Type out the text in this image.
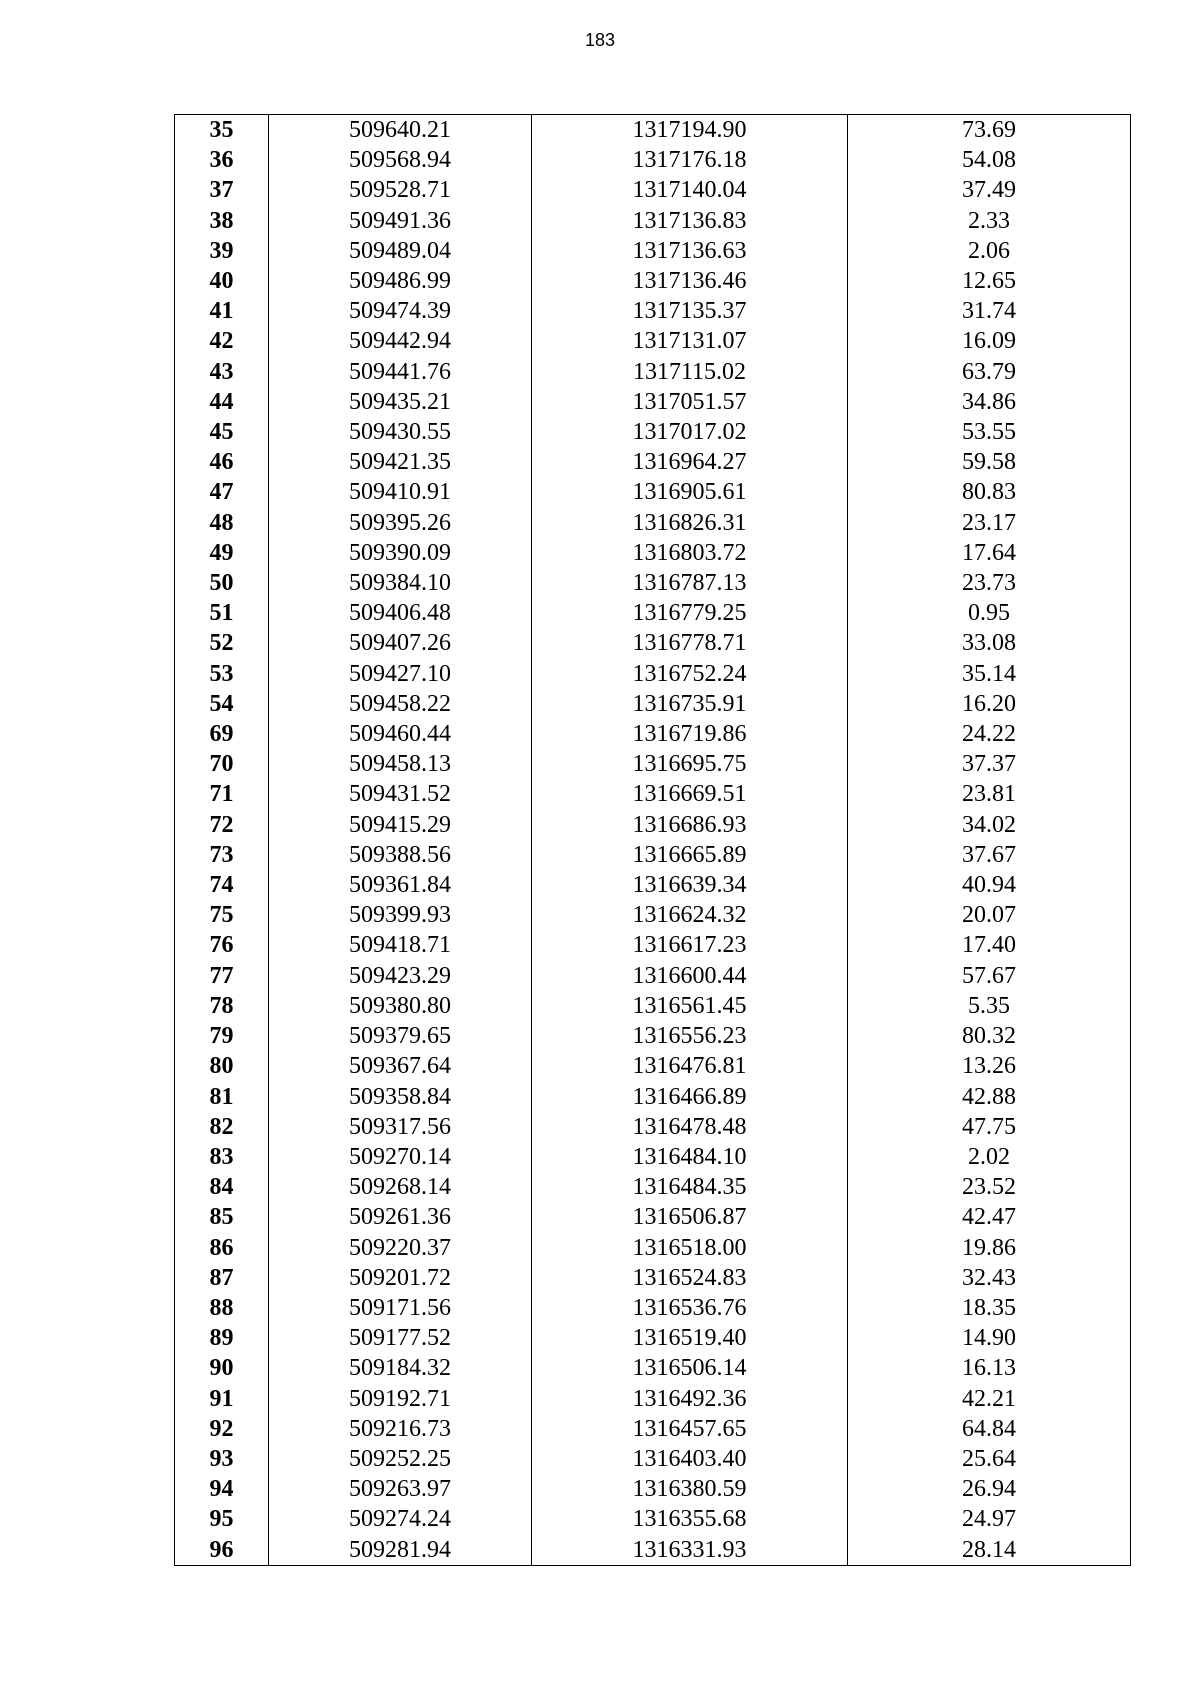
183
35	509640.21	1317194.90	73.69
36	509568.94	1317176.18	54.08
37	509528.71	1317140.04	37.49
38	509491.36	1317136.83	2.33
39	509489.04	1317136.63	2.06
40	509486.99	1317136.46	12.65
41	509474.39	1317135.37	31.74
42	509442.94	1317131.07	16.09
43	509441.76	1317115.02	63.79
44	509435.21	1317051.57	34.86
45	509430.55	1317017.02	53.55
46	509421.35	1316964.27	59.58
47	509410.91	1316905.61	80.83
48	509395.26	1316826.31	23.17
49	509390.09	1316803.72	17.64
50	509384.10	1316787.13	23.73
51	509406.48	1316779.25	0.95
52	509407.26	1316778.71	33.08
53	509427.10	1316752.24	35.14
54	509458.22	1316735.91	16.20
69	509460.44	1316719.86	24.22
70	509458.13	1316695.75	37.37
71	509431.52	1316669.51	23.81
72	509415.29	1316686.93	34.02
73	509388.56	1316665.89	37.67
74	509361.84	1316639.34	40.94
75	509399.93	1316624.32	20.07
76	509418.71	1316617.23	17.40
77	509423.29	1316600.44	57.67
78	509380.80	1316561.45	5.35
79	509379.65	1316556.23	80.32
80	509367.64	1316476.81	13.26
81	509358.84	1316466.89	42.88
82	509317.56	1316478.48	47.75
83	509270.14	1316484.10	2.02
84	509268.14	1316484.35	23.52
85	509261.36	1316506.87	42.47
86	509220.37	1316518.00	19.86
87	509201.72	1316524.83	32.43
88	509171.56	1316536.76	18.35
89	509177.52	1316519.40	14.90
90	509184.32	1316506.14	16.13
91	509192.71	1316492.36	42.21
92	509216.73	1316457.65	64.84
93	509252.25	1316403.40	25.64
94	509263.97	1316380.59	26.94
95	509274.24	1316355.68	24.97
96	509281.94	1316331.93	28.14
